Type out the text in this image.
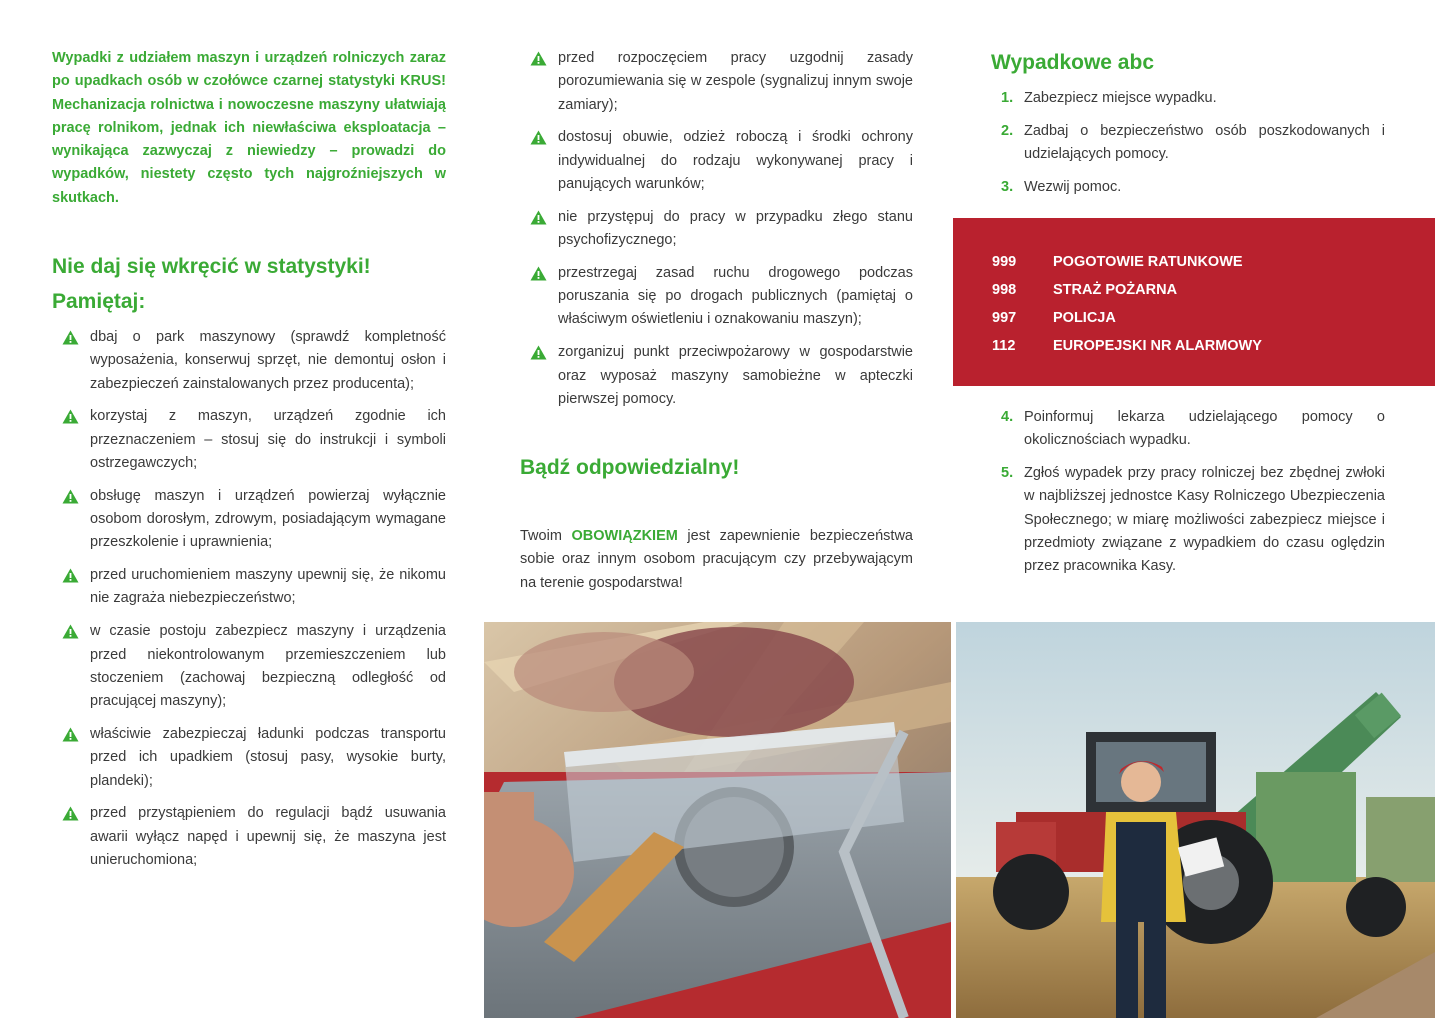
Wypadki z udziałem maszyn i urządzeń rolniczych zaraz po upadkach osób w czołówce czarnej statystyki KRUS! Mechanizacja rolnictwa i nowoczesne maszyny ułatwiają pracę rolnikom, jednak ich niewłaściwa eksploatacja – wynikająca zazwyczaj z niewiedzy – prowadzi do wypadków, niestety często tych najgroźniejszych w skutkach.

Nie daj się wkręcić w statystyki!
Pamiętaj:
dbaj o park maszynowy (sprawdź kompletność wyposażenia, konserwuj sprzęt, nie demontuj osłon i zabezpieczeń zainstalowanych przez producenta);
korzystaj z maszyn, urządzeń zgodnie ich przeznaczeniem – stosuj się do instrukcji i symboli ostrzegawczych;
obsługę maszyn i urządzeń powierzaj wyłącznie osobom dorosłym, zdrowym, posiadającym wymagane przeszkolenie i uprawnienia;
przed uruchomieniem maszyny upewnij się, że nikomu nie zagraża niebezpieczeństwo;
w czasie postoju zabezpiecz maszyny i urządzenia przed niekontrolowanym przemieszczeniem lub stoczeniem (zachowaj bezpieczną odległość od pracującej maszyny);
właściwie zabezpieczaj ładunki podczas transportu przed ich upadkiem (stosuj pasy, wysokie burty, plandeki);
przed przystąpieniem do regulacji bądź usuwania awarii wyłącz napęd i upewnij się, że maszyna jest unieruchomiona;
przed rozpoczęciem pracy uzgodnij zasady porozumiewania się w zespole (sygnalizuj innym swoje zamiary);
dostosuj obuwie, odzież roboczą i środki ochrony indywidualnej do rodzaju wykonywanej pracy i panujących warunków;
nie przystępuj do pracy w przypadku złego stanu psychofizycznego;
przestrzegaj zasad ruchu drogowego podczas poruszania się po drogach publicznych (pamiętaj o właściwym oświetleniu i oznakowaniu maszyn);
zorganizuj punkt przeciwpożarowy w gospodarstwie oraz wyposaż maszyny samobieżne w apteczki pierwszej pomocy.
Bądź odpowiedzialny!

Twoim OBOWIĄZKIEM jest zapewnienie bezpieczeństwa sobie oraz innym osobom pracującym czy przebywającym na terenie gospodarstwa!

Wypadkowe abc
1. Zabezpiecz miejsce wypadku.
2. Zadbaj o bezpieczeństwo osób poszkodowanych i udzielających pomocy.
3. Wezwij pomoc.
999	POGOTOWIE RATUNKOWE
998	STRAŻ POŻARNA
997	POLICJA
112	EUROPEJSKI NR ALARMOWY
4. Poinformuj lekarza udzielającego pomocy o okolicznościach wypadku.
5. Zgłoś wypadek przy pracy rolniczej bez zbędnej zwłoki w najbliższej jednostce Kasy Rolniczego Ubezpieczenia Społecznego; w miarę możliwości zabezpiecz miejsce i przedmioty związane z wypadkiem do czasu oględzin przez pracownika Kasy.
